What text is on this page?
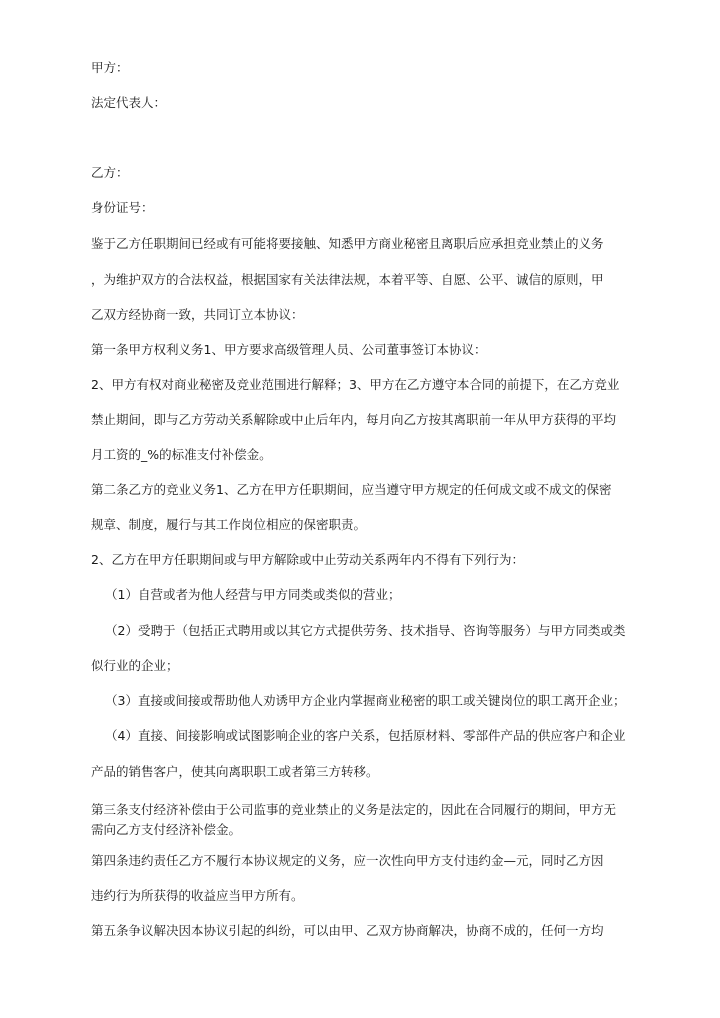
甲方：
法定代表人：
乙方：
身份证号：
鉴于乙方任职期间已经或有可能将要接触、知悉甲方商业秘密且离职后应承担竞业禁止的义务
，为维护双方的合法权益，根据国家有关法律法规，本着平等、自愿、公平、诚信的原则，甲
乙双方经协商一致，共同订立本协议：
第一条甲方权利义务1、甲方要求高级管理人员、公司董事签订本协议：
2、甲方有权对商业秘密及竞业范围进行解释；3、甲方在乙方遵守本合同的前提下，在乙方竞业
禁止期间，即与乙方劳动关系解除或中止后年内，每月向乙方按其离职前一年从甲方获得的平均
月工资的_%的标准支付补偿金。
第二条乙方的竞业义务1、乙方在甲方任职期间，应当遵守甲方规定的任何成文或不成文的保密
规章、制度，履行与其工作岗位相应的保密职责。
2、乙方在甲方任职期间或与甲方解除或中止劳动关系两年内不得有下列行为：
（1）自营或者为他人经营与甲方同类或类似的营业；
（2）受聘于（包括正式聘用或以其它方式提供劳务、技术指导、咨询等服务）与甲方同类或类
似行业的企业；
（3）直接或间接或帮助他人劝诱甲方企业内掌握商业秘密的职工或关键岗位的职工离开企业；
（4）直接、间接影响或试图影响企业的客户关系，包括原材料、零部件产品的供应客户和企业
产品的销售客户，使其向离职职工或者第三方转移。
第三条支付经济补偿由于公司监事的竞业禁止的义务是法定的，因此在合同履行的期间，甲方无
需向乙方支付经济补偿金。
第四条违约责任乙方不履行本协议规定的义务，应一次性向甲方支付违约金—元，同时乙方因
违约行为所获得的收益应当甲方所有。
第五条争议解决因本协议引起的纠纷，可以由甲、乙双方协商解决，协商不成的，任何一方均
